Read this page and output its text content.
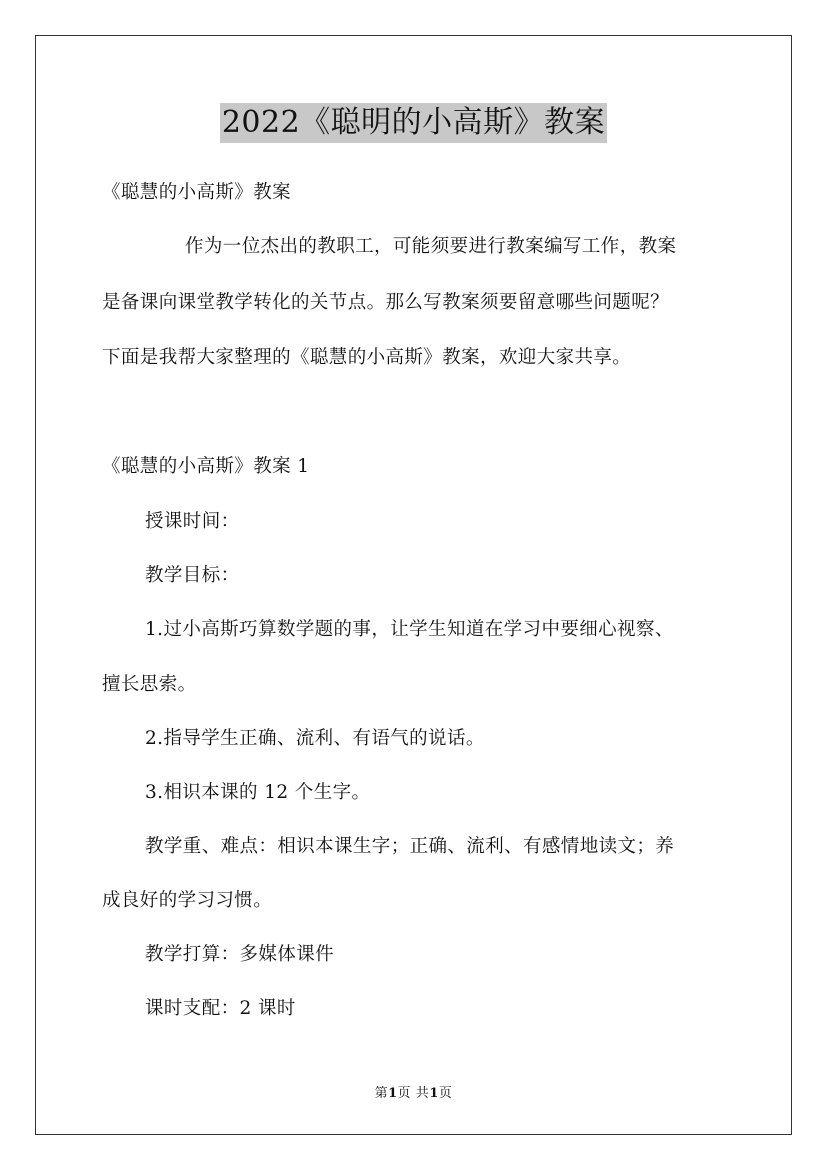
2022《聪明的小高斯》教案
《聪慧的小高斯》教案
作为一位杰出的教职工，可能须要进行教案编写工作，教案
是备课向课堂教学转化的关节点。那么写教案须要留意哪些问题呢？
下面是我帮大家整理的《聪慧的小高斯》教案，欢迎大家共享。
《聪慧的小高斯》教案 1
授课时间：
教学目标：
1.过小高斯巧算数学题的事，让学生知道在学习中要细心视察、
擅长思索。
2.指导学生正确、流利、有语气的说话。
3.相识本课的 12 个生字。
教学重、难点：相识本课生字；正确、流利、有感情地读文；养
成良好的学习习惯。
教学打算：多媒体课件
课时支配：2 课时
第1页 共1页
